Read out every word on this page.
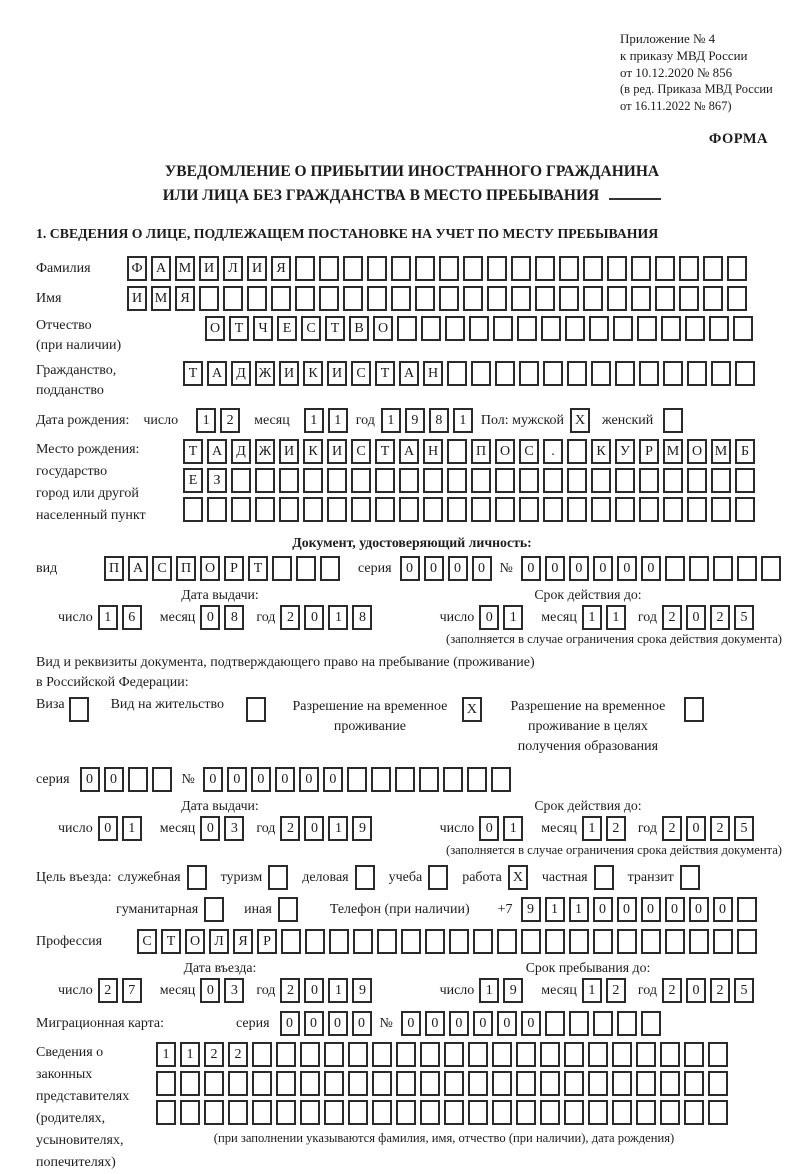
Приложение № 4
к приказу МВД России
от 10.12.2020 № 856
(в ред. Приказа МВД России
от 16.11.2022 № 867)
ФОРМА
УВЕДОМЛЕНИЕ О ПРИБЫТИИ ИНОСТРАННОГО ГРАЖДАНИНА
ИЛИ ЛИЦА БЕЗ ГРАЖДАНСТВА В МЕСТО ПРЕБЫВАНИЯ
1. СВЕДЕНИЯ О ЛИЦЕ, ПОДЛЕЖАЩЕМ ПОСТАНОВКЕ НА УЧЕТ ПО МЕСТУ ПРЕБЫВАНИЯ
Фамилия	Ф А М И	Л	И	Я
Имя	И М Я
Отчество
(при наличии)
О	Т	Ч	Е	С	Т	В	О
Гражданство,
подданство
Т	А	Д Ж И	К	И	С	Т	А Н
Дата рождения: число	1	2	месяц	1	1	год 1	9	8	1	Пол: мужской X	женский
Место рождения:
государство
город или другой
населенный пункт
Т	А	Д Ж И	К	И	С	Т	А Н	П О	С	.	К	У	Р М О М Б
Е	З
Документ, удостоверяющий личность:
вид	П А	С	П О	Р	Т	серия	0	0	0	0	№	0	0	0	0	0	0
Дата выдачи:
число 1	6	месяц 0	8	год 2	0	1	8
Срок действия до:
число 0	1	месяц 1	1	год 2	0	2	5
(заполняется в случае ограничения срока действия документа)
Вид и реквизиты документа, подтверждающего право на пребывание (проживание)
в Российской Федерации:
Виза	Вид на жительство	Разрешение на временное проживание
X	Разрешение на временное проживание в целях получения образования
серия	0	0	№	0	0	0	0	0	0
Дата выдачи:
число 0	1	месяц 0	3	год 2	0	1	9
Срок действия до:
число 0	1	месяц 1	2	год 2	0	2	5
(заполняется в случае ограничения срока действия документа)
Цель въезда: служебная	туризм	деловая	учеба	работа X	частная	транзит
гуманитарная	иная	Телефон (при наличии) +7	9	1	1	0	0	0	0	0	0
Профессия	С	Т	О	Л	Я	Р
Дата въезда:
число 2	7	месяц 0	3	год 2	0	1	9
Срок пребывания до:
число 1	9	месяц 1	2	год 2	0	2	5
Миграционная карта:	серия	0	0	0	0	№	0	0	0	0	0	0
Сведения о
законных
представителях
(родителях,
усыновителях,
попечителях)
1	1	2	2
(при заполнении указываются фамилия, имя, отчество (при наличии), дата рождения)
